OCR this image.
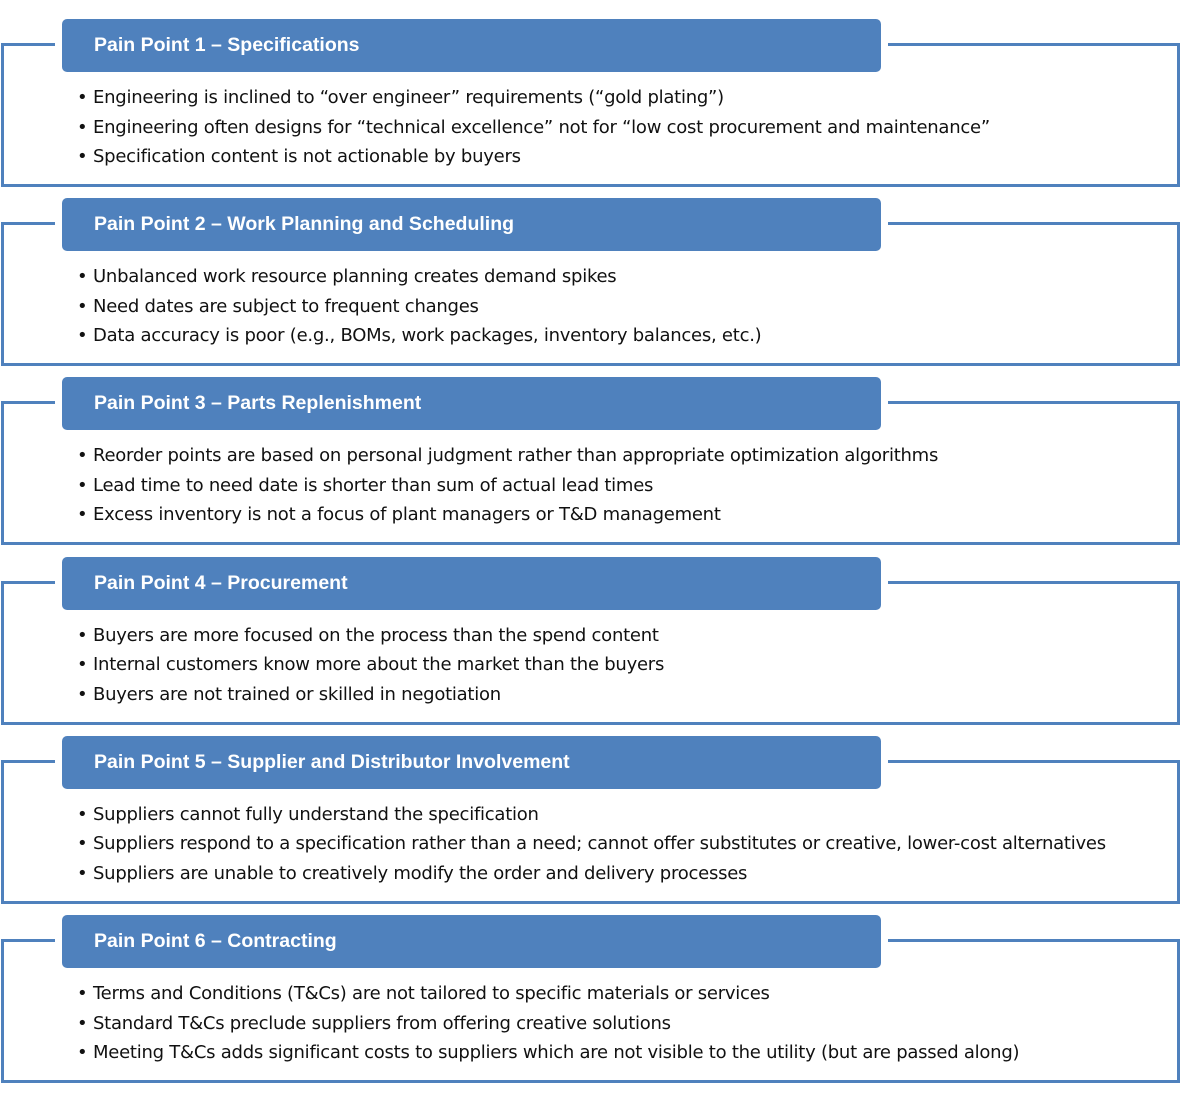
Pain Point 1 – Specifications
• Engineering is inclined to “over engineer” requirements (“gold plating”)
• Engineering often designs for “technical excellence” not for “low cost procurement and maintenance”
• Specification content is not actionable by buyers
Pain Point 2 – Work Planning and Scheduling
• Unbalanced work resource planning creates demand spikes
• Need dates are subject to frequent changes
• Data accuracy is poor (e.g., BOMs, work packages, inventory balances, etc.)
Pain Point 3 – Parts Replenishment
• Reorder points are based on personal judgment rather than appropriate optimization algorithms
• Lead time to need date is shorter than sum of actual lead times
• Excess inventory is not a focus of plant managers or T&D management
Pain Point 4 – Procurement
• Buyers are more focused on the process than the spend content
• Internal customers know more about the market than the buyers
• Buyers are not trained or skilled in negotiation
Pain Point 5 – Supplier and Distributor Involvement
• Suppliers cannot fully understand the specification
• Suppliers respond to a specification rather than a need; cannot offer substitutes or creative, lower-cost alternatives
• Suppliers are unable to creatively modify the order and delivery processes
Pain Point 6 – Contracting
• Terms and Conditions (T&Cs) are not tailored to specific materials or services
• Standard T&Cs preclude suppliers from offering creative solutions
• Meeting T&Cs adds significant costs to suppliers which are not visible to the utility (but are passed along)
